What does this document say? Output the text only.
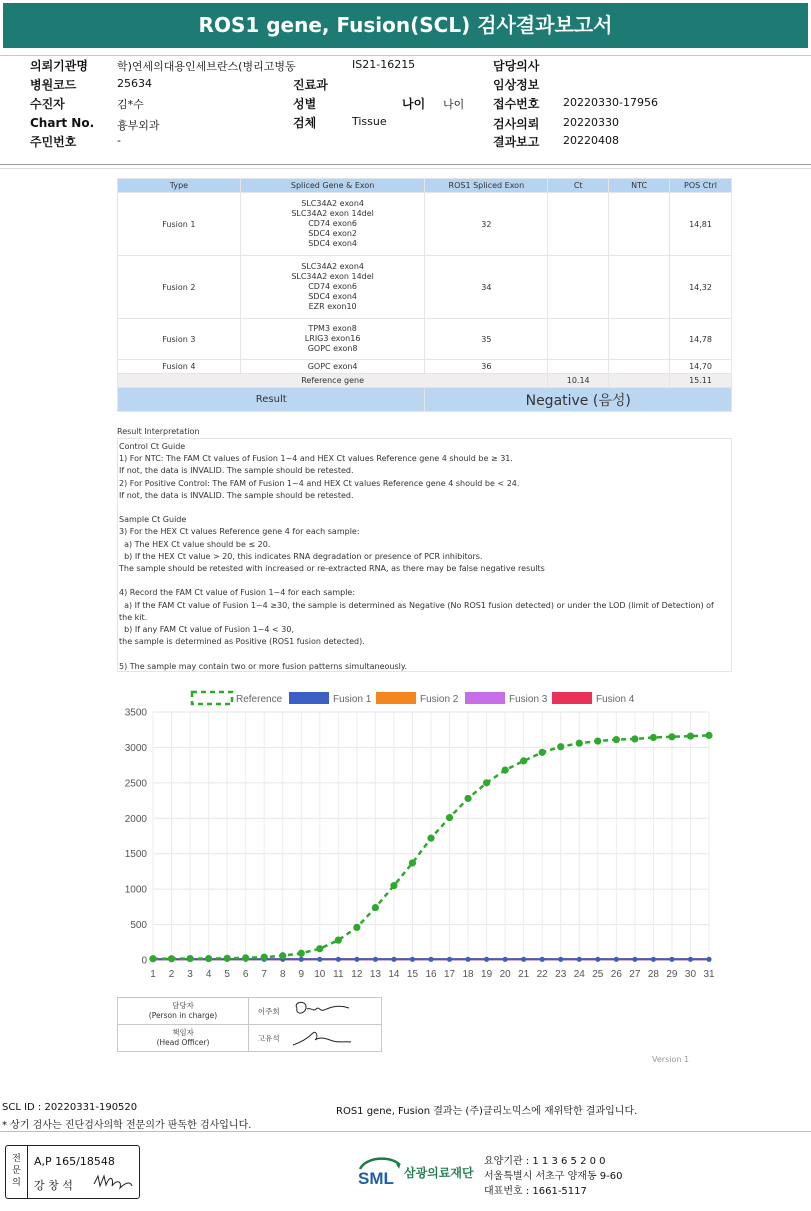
ROS1 gene, Fusion(SCL) 검사결과보고서
의뢰기관명	학)연세의대용인세브란스(병리고병동	IS21-16215	담당의사
병원코드	25634	진료과	임상정보
수진자	김*수	성별	나이 나이 접수번호 20220330-17956
Chart No. 흉부외과	검체	Tissue	검사의뢰 20220330
주민번호	-	결과보고 20220408
Type	Spliced Gene & Exon	ROS1 Spliced Exon	Ct	NTC	POS Ctrl
Fusion 1	SLC34A2 exon4
SLC34A2 exon 14del
CD74 exon6
SDC4 exon2
SDC4 exon4	32			14,81
Fusion 2	SLC34A2 exon4
SLC34A2 exon 14del
CD74 exon6
SDC4 exon4
EZR exon10	34			14,32
Fusion 3	TPM3 exon8
LRIG3 exon16
GOPC exon8	35			14,78
Fusion 4	GOPC exon4	36			14,70
Reference gene			10.14		15.11
Result		Negative (음성)			
Result Interpretation
Control Ct Guide
1) For NTC: The FAM Ct values of Fusion 1~4 and HEX Ct values Reference gene 4 should be ≥ 31.
If not, the data is INVALID. The sample should be retested.
2) For Positive Control: The FAM of Fusion 1~4 and HEX Ct values Reference gene 4 should be < 24.
If not, the data is INVALID. The sample should be retested.
Sample Ct Guide
3) For the HEX Ct values Reference gene 4 for each sample:
a) The HEX Ct value should be ≤ 20.
b) If the HEX Ct value > 20, this indicates RNA degradation or presence of PCR inhibitors.
The sample should be retested with increased or re-extracted RNA, as there may be false negative results
4) Record the FAM Ct value of Fusion 1~4 for each sample:
a) If the FAM Ct value of Fusion 1~4 ≥30, the sample is determined as Negative (No ROS1 fusion detected) or under the LOD (limit of Detection) of
the kit.
b) If any FAM Ct value of Fusion 1~4 < 30,
the sample is determined as Positive (ROS1 fusion detected).
5) The sample may contain two or more fusion patterns simultaneously.
Reference	Fusion 1	Fusion 2	Fusion 3	Fusion 4
0
500
1000
1500
2000
2500
3000
3500
1 2 3 4 5 6 7 8 9 10 11 12 13 14 15 16 17 18 19 20 21 22 23 24 25 26 27 28 29 30 31
담당자
(Person in charge)	이주희	

책임자
(Head Officer)	고유석	
Version 1
SCL ID : 20220331-190520	ROS1 gene, Fusion 결과는 (주)클리노믹스에 재위탁한 결과입니다.
* 상기 검사는 진단검사의학 전문의가 판독한 검사입니다.
전문의
A,P 165/18548
강 창 석	SML 삼광의료재단
요양기관 : 1 1 3 6 5 2 0 0
서울특별시 서초구 양재동 9-60
대표번호 : 1661-5117
